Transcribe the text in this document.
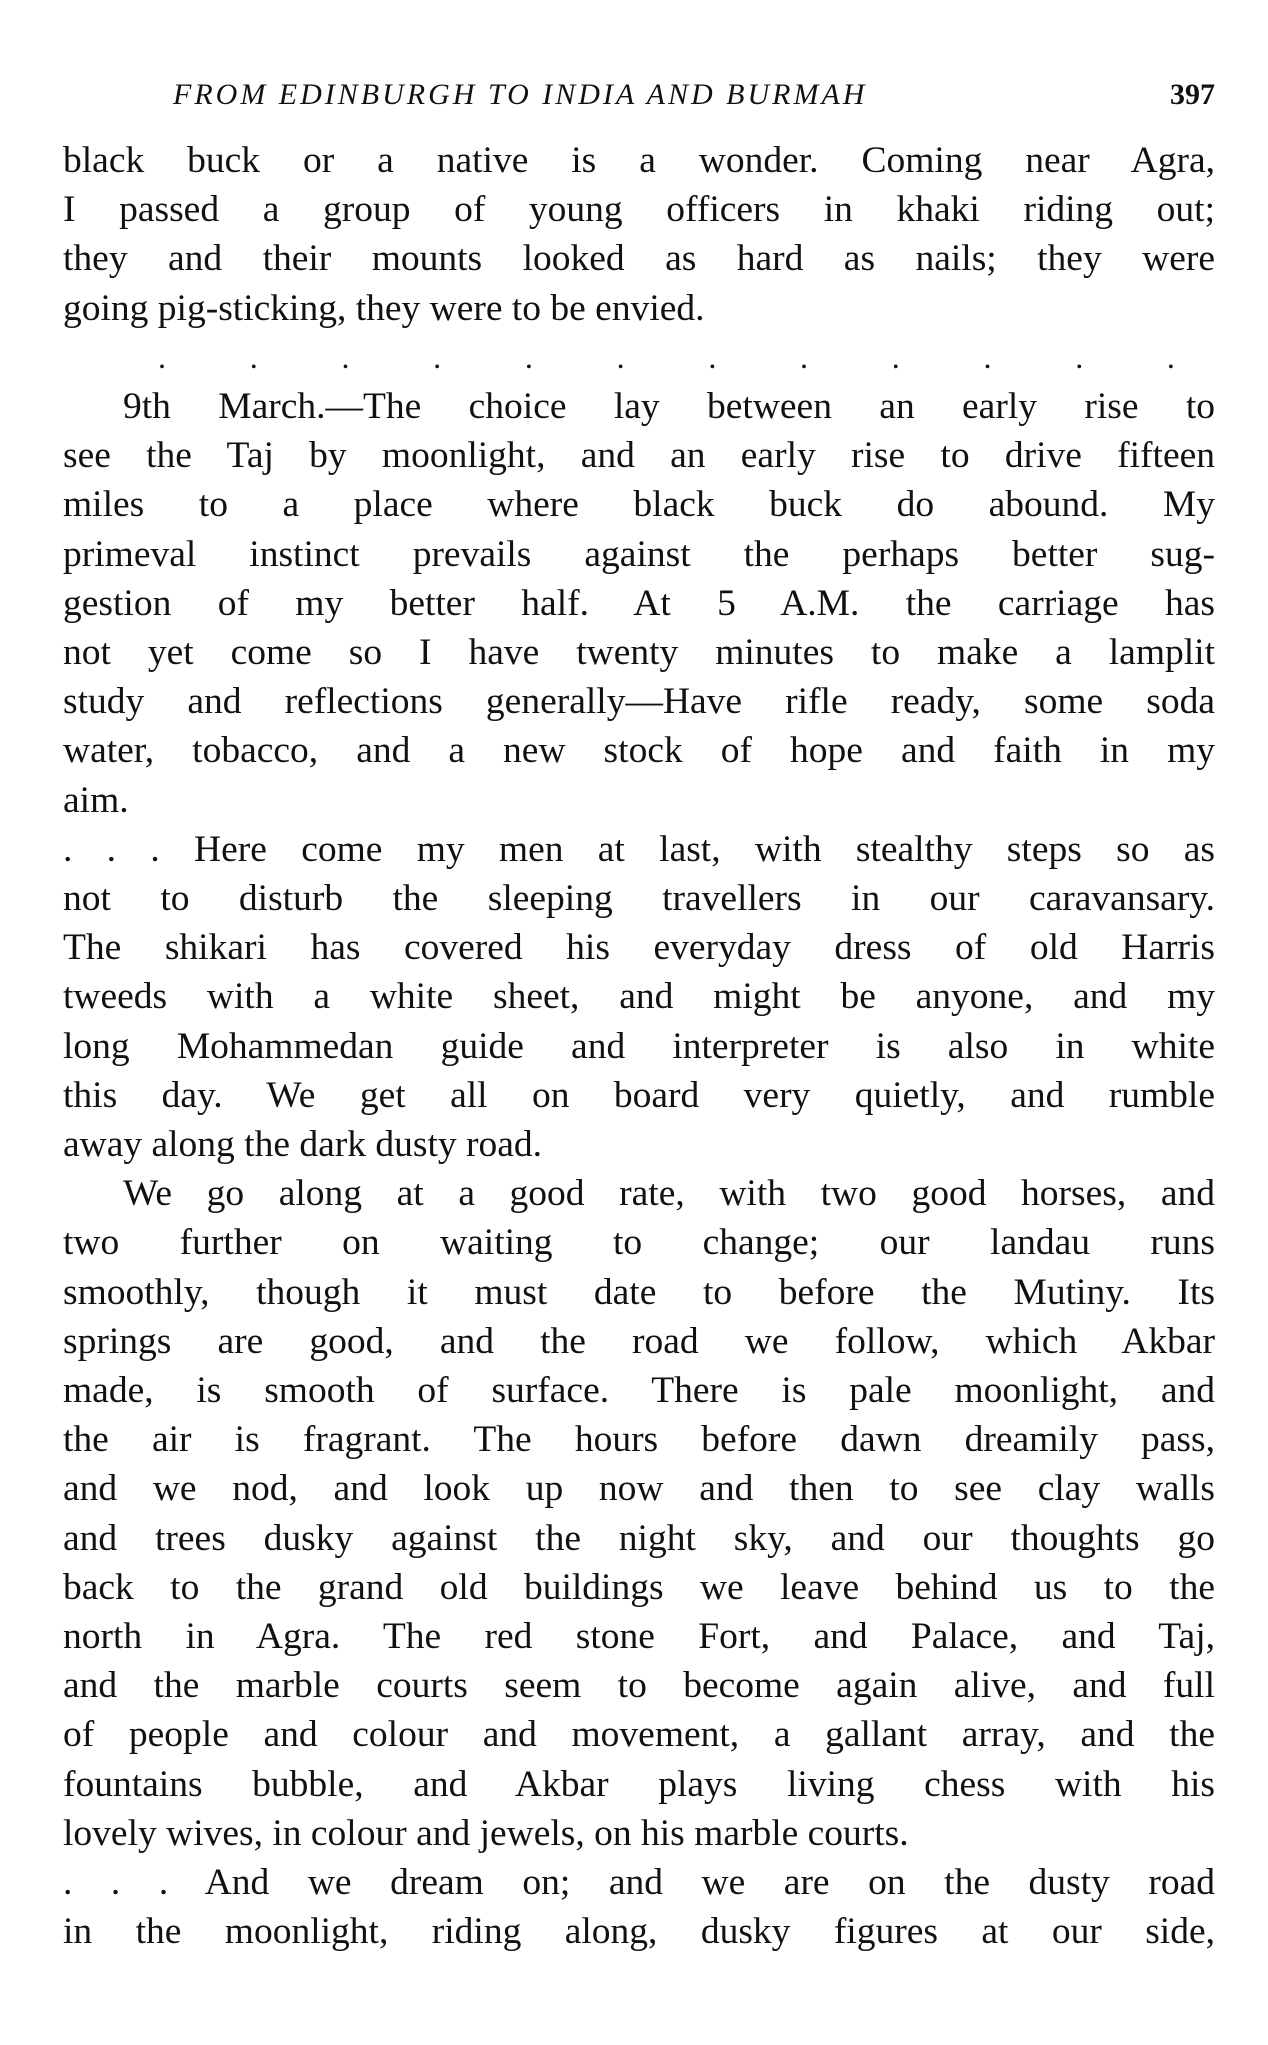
FROM EDINBURGH TO INDIA AND BURMAH	397
black buck or a native is a wonder. Coming near Agra,
I passed a group of young officers in khaki riding out;
they and their mounts looked as hard as nails; they were
going pig-sticking, they were to be envied.
.	.	.	.	.	.	.	.	.	.	.	.
9th March.—The choice lay between an early rise to
see the Taj by moonlight, and an early rise to drive fifteen
miles to a place where black buck do abound. My
primeval instinct prevails against the perhaps better sug-
gestion of my better half. At 5 A.M. the carriage has
not yet come so I have twenty minutes to make a lamplit
study and reflections generally—Have rifle ready, some soda
water, tobacco, and a new stock of hope and faith in my
aim.
. . . Here come my men at last, with stealthy steps so as
not to disturb the sleeping travellers in our caravansary.
The shikari has covered his everyday dress of old Harris
tweeds with a white sheet, and might be anyone, and my
long Mohammedan guide and interpreter is also in white
this day. We get all on board very quietly, and rumble
away along the dark dusty road.
We go along at a good rate, with two good horses, and
two further on waiting to change; our landau runs
smoothly, though it must date to before the Mutiny. Its
springs are good, and the road we follow, which Akbar
made, is smooth of surface. There is pale moonlight, and
the air is fragrant. The hours before dawn dreamily pass,
and we nod, and look up now and then to see clay walls
and trees dusky against the night sky, and our thoughts go
back to the grand old buildings we leave behind us to the
north in Agra. The red stone Fort, and Palace, and Taj,
and the marble courts seem to become again alive, and full
of people and colour and movement, a gallant array, and the
fountains bubble, and Akbar plays living chess with his
lovely wives, in colour and jewels, on his marble courts.
. . . And we dream on; and we are on the dusty road
in the moonlight, riding along, dusky figures at our side,
